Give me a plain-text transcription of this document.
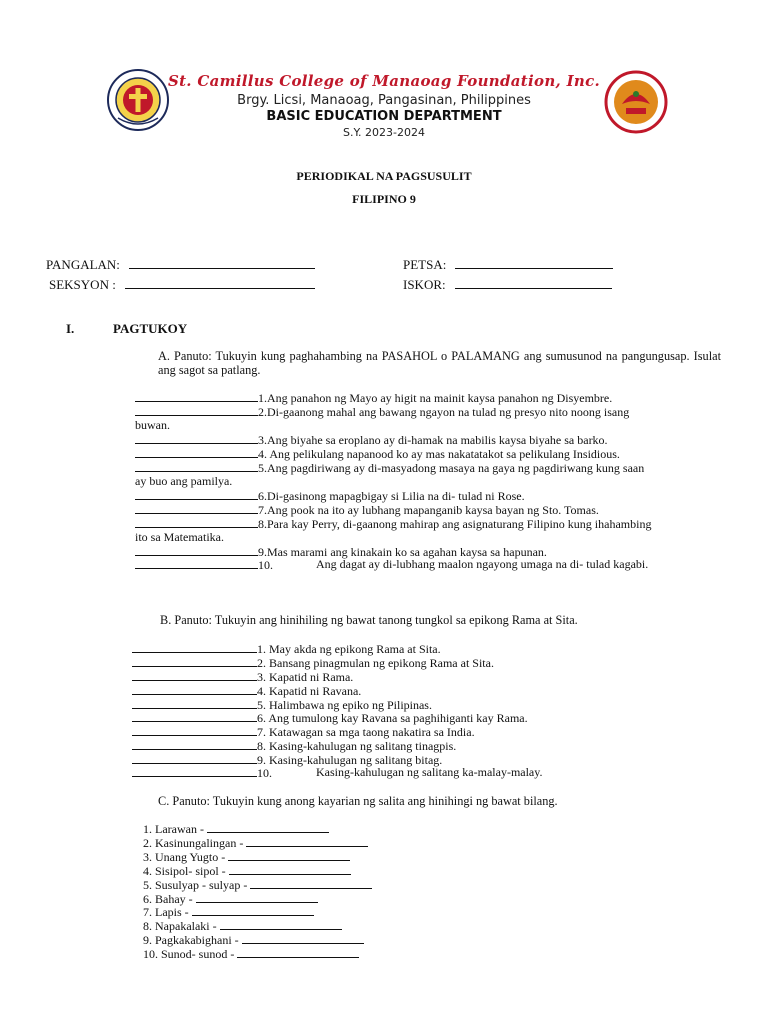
St. Camillus College of Manaoag Foundation, Inc.
Brgy. Licsi, Manaoag, Pangasinan, Philippines
BASIC EDUCATION DEPARTMENT
S.Y. 2023-2024
PERIODIKAL NA PAGSUSULIT
FILIPINO 9
PANGALAN:
SEKSYON :
PETSA:
ISKOR:
I.	PAGTUKOY
A. Panuto: Tukuyin kung paghahambing na PASAHOL o PALAMANG ang sumusunod na pangungusap. Isulat ang sagot sa patlang.
1.Ang panahon ng Mayo ay higit na mainit kaysa panahon ng Disyembre.
2.Di-gaanong mahal ang bawang ngayon na tulad ng presyo nito noong isang
buwan.
3.Ang biyahe sa eroplano ay di-hamak na mabilis kaysa biyahe sa barko.
4. Ang pelikulang napanood ko ay mas nakatatakot sa pelikulang Insidious.
5.Ang pagdiriwang ay di-masyadong masaya na gaya ng pagdiriwang kung saan
ay buo ang pamilya.
6.Di-gasinong mapagbigay si Lilia na di- tulad ni Rose.
7.Ang pook na ito ay lubhang mapanganib kaysa bayan ng Sto. Tomas.
8.Para kay Perry, di-gaanong mahirap ang asignaturang Filipino kung ihahambing
ito sa Matematika.
9.Mas marami ang kinakain ko sa agahan kaysa sa hapunan.
10.	Ang dagat ay di-lubhang maalon ngayong umaga na di- tulad kagabi.
B. Panuto: Tukuyin ang hinihiling ng bawat tanong tungkol sa epikong Rama at Sita.
1. May akda ng epikong Rama at Sita.
2. Bansang pinagmulan ng epikong Rama at Sita.
3. Kapatid ni Rama.
4. Kapatid ni Ravana.
5. Halimbawa ng epiko ng Pilipinas.
6. Ang tumulong kay Ravana sa paghihiganti kay Rama.
7. Katawagan sa mga taong nakatira sa India.
8. Kasing-kahulugan ng salitang tinagpis.
9. Kasing-kahulugan ng salitang bitag.
10.	Kasing-kahulugan ng salitang ka-malay-malay.
C. Panuto: Tukuyin kung anong kayarian ng salita ang hinihingi ng bawat bilang.
1. Larawan -
2. Kasinungalingan -
3. Unang Yugto -
4. Sisipol- sipol -
5. Susulyap - sulyap -
6. Bahay -
7. Lapis -
8. Napakalaki -
9. Pagkakabighani -
10. Sunod- sunod -
